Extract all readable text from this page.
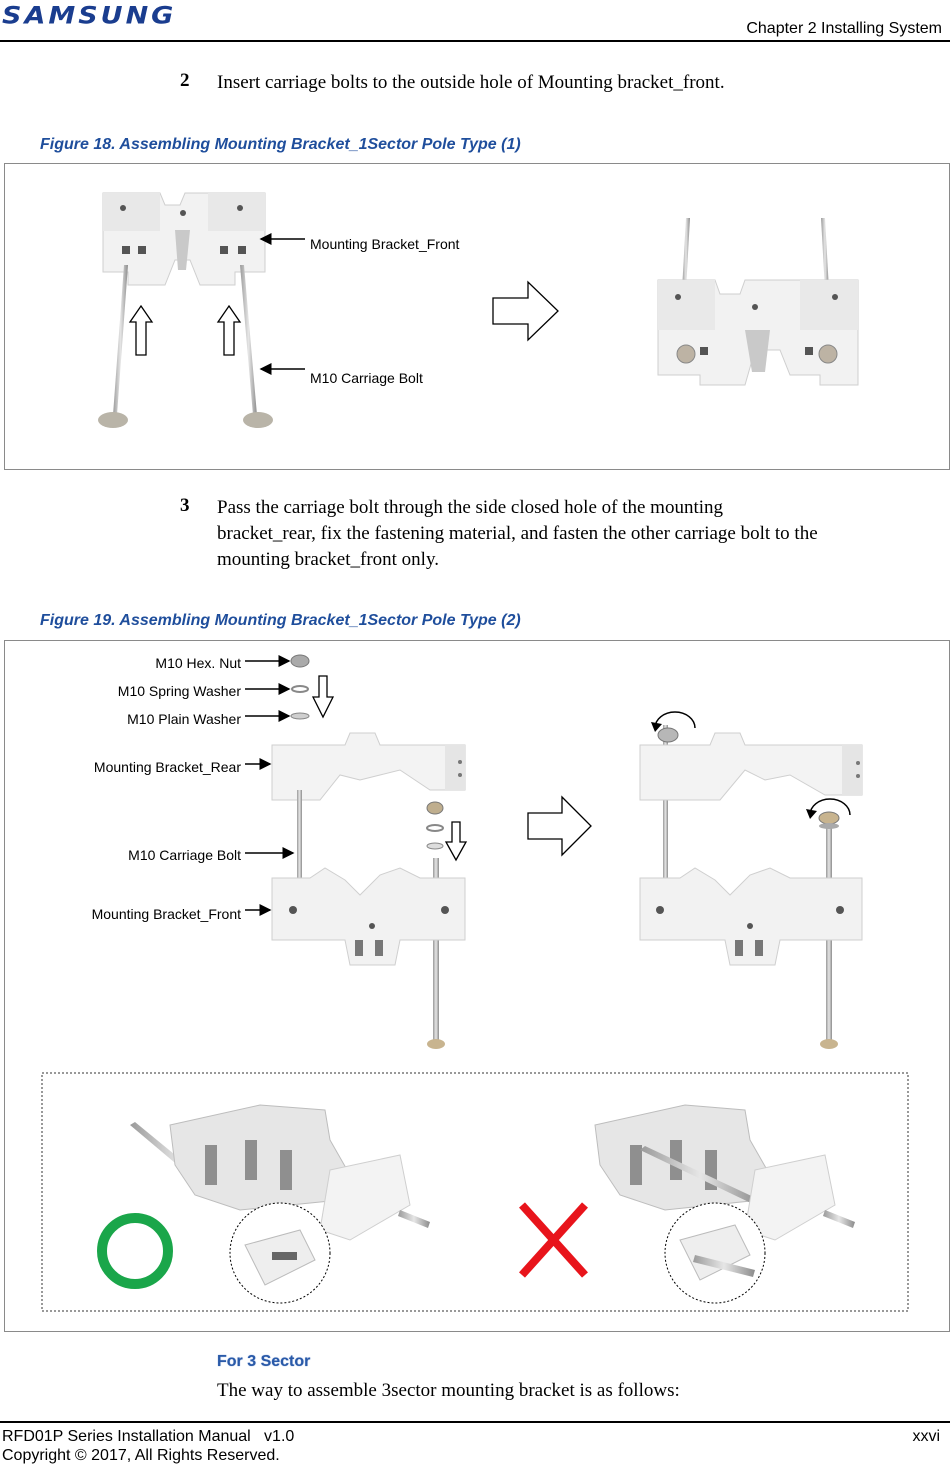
SAMSUNG	Chapter 2 Installing System
2 Insert carriage bolts to the outside hole of Mounting bracket_front.
Figure 18. Assembling Mounting Bracket_1Sector Pole Type (1)
Mounting Bracket_Front
M10 Carriage Bolt
3 Pass the carriage bolt through the side closed hole of the mounting
bracket_rear, fix the fastening material, and fasten the other carriage bolt to the
mounting bracket_front only.
Figure 19. Assembling Mounting Bracket_1Sector Pole Type (2)
M10 Hex. Nut
M10 Spring Washer
M10 Plain Washer
Mounting Bracket_Rear
M10 Carriage Bolt
Mounting Bracket_Front
For 3 Sector
The way to assemble 3sector mounting bracket is as follows:
RFD01P Series Installation Manual   v1.0	xxvi
Copyright © 2017, All Rights Reserved.
